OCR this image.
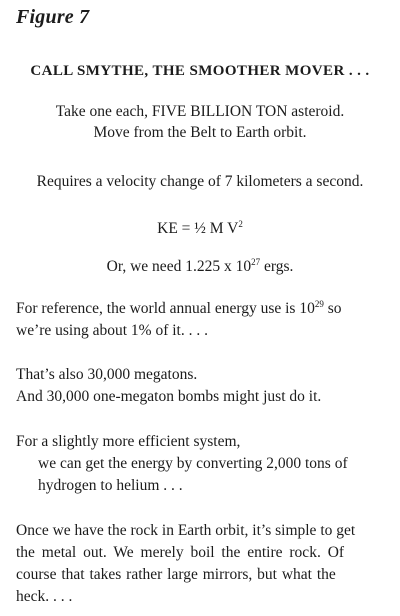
Figure 7
CALL SMYTHE, THE SMOOTHER MOVER . . .
Take one each, FIVE BILLION TON asteroid.
Move from the Belt to Earth orbit.
Requires a velocity change of 7 kilometers a second.
KE = ½ M $V^2$
Or, we need 1.225 x $10^{27}$ ergs.
For reference, the world annual energy use is $10^{29}$ so
we’re using about 1% of it. . . .
That’s also 30,000 megatons.
And 30,000 one-megaton bombs might just do it.
For a slightly more efficient system,
we can get the energy by converting 2,000 tons of
hydrogen to helium . . .
Once we have the rock in Earth orbit, it’s simple to get
the metal out. We merely boil the entire rock. Of
course that takes rather large mirrors, but what the
heck. . . .
